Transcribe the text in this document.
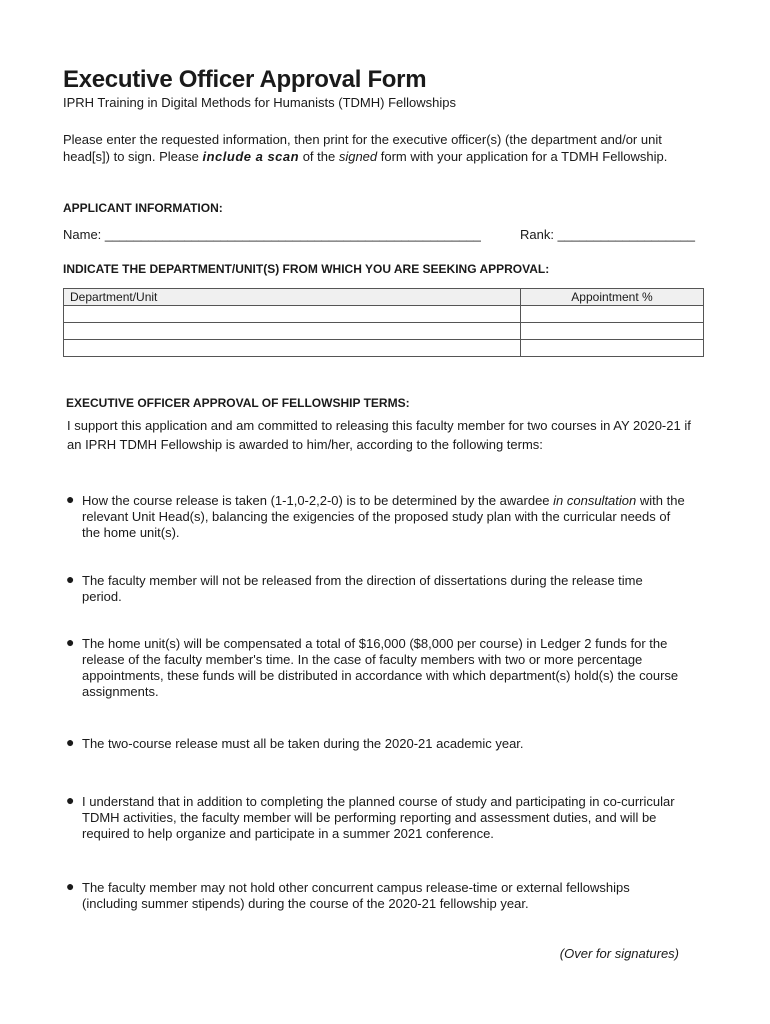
Executive Officer Approval Form
IPRH Training in Digital Methods for Humanists (TDMH) Fellowships
Please enter the requested information, then print for the executive officer(s) (the department and/or unit head[s]) to sign. Please include a scan of the signed form with your application for a TDMH Fellowship.
APPLICANT INFORMATION:
Name: ____________________________________________________	Rank: ___________________
INDICATE THE DEPARTMENT/UNIT(S) FROM WHICH YOU ARE SEEKING APPROVAL:
Department/Unit	Appointment %

EXECUTIVE OFFICER APPROVAL OF FELLOWSHIP TERMS:
I support this application and am committed to releasing this faculty member for two courses in AY 2020-21 if an IPRH TDMH Fellowship is awarded to him/her, according to the following terms:
● How the course release is taken (1-1,0-2,2-0) is to be determined by the awardee in consultation with the relevant Unit Head(s), balancing the exigencies of the proposed study plan with the curricular needs of the home unit(s).
● The faculty member will not be released from the direction of dissertations during the release time period.
● The home unit(s) will be compensated a total of $16,000 ($8,000 per course) in Ledger 2 funds for the release of the faculty member's time. In the case of faculty members with two or more percentage appointments, these funds will be distributed in accordance with which department(s) hold(s) the course assignments.
● The two-course release must all be taken during the 2020-21 academic year.
● I understand that in addition to completing the planned course of study and participating in co-curricular TDMH activities, the faculty member will be performing reporting and assessment duties, and will be required to help organize and participate in a summer 2021 conference.
● The faculty member may not hold other concurrent campus release-time or external fellowships (including summer stipends) during the course of the 2020-21 fellowship year.
(Over for signatures)
